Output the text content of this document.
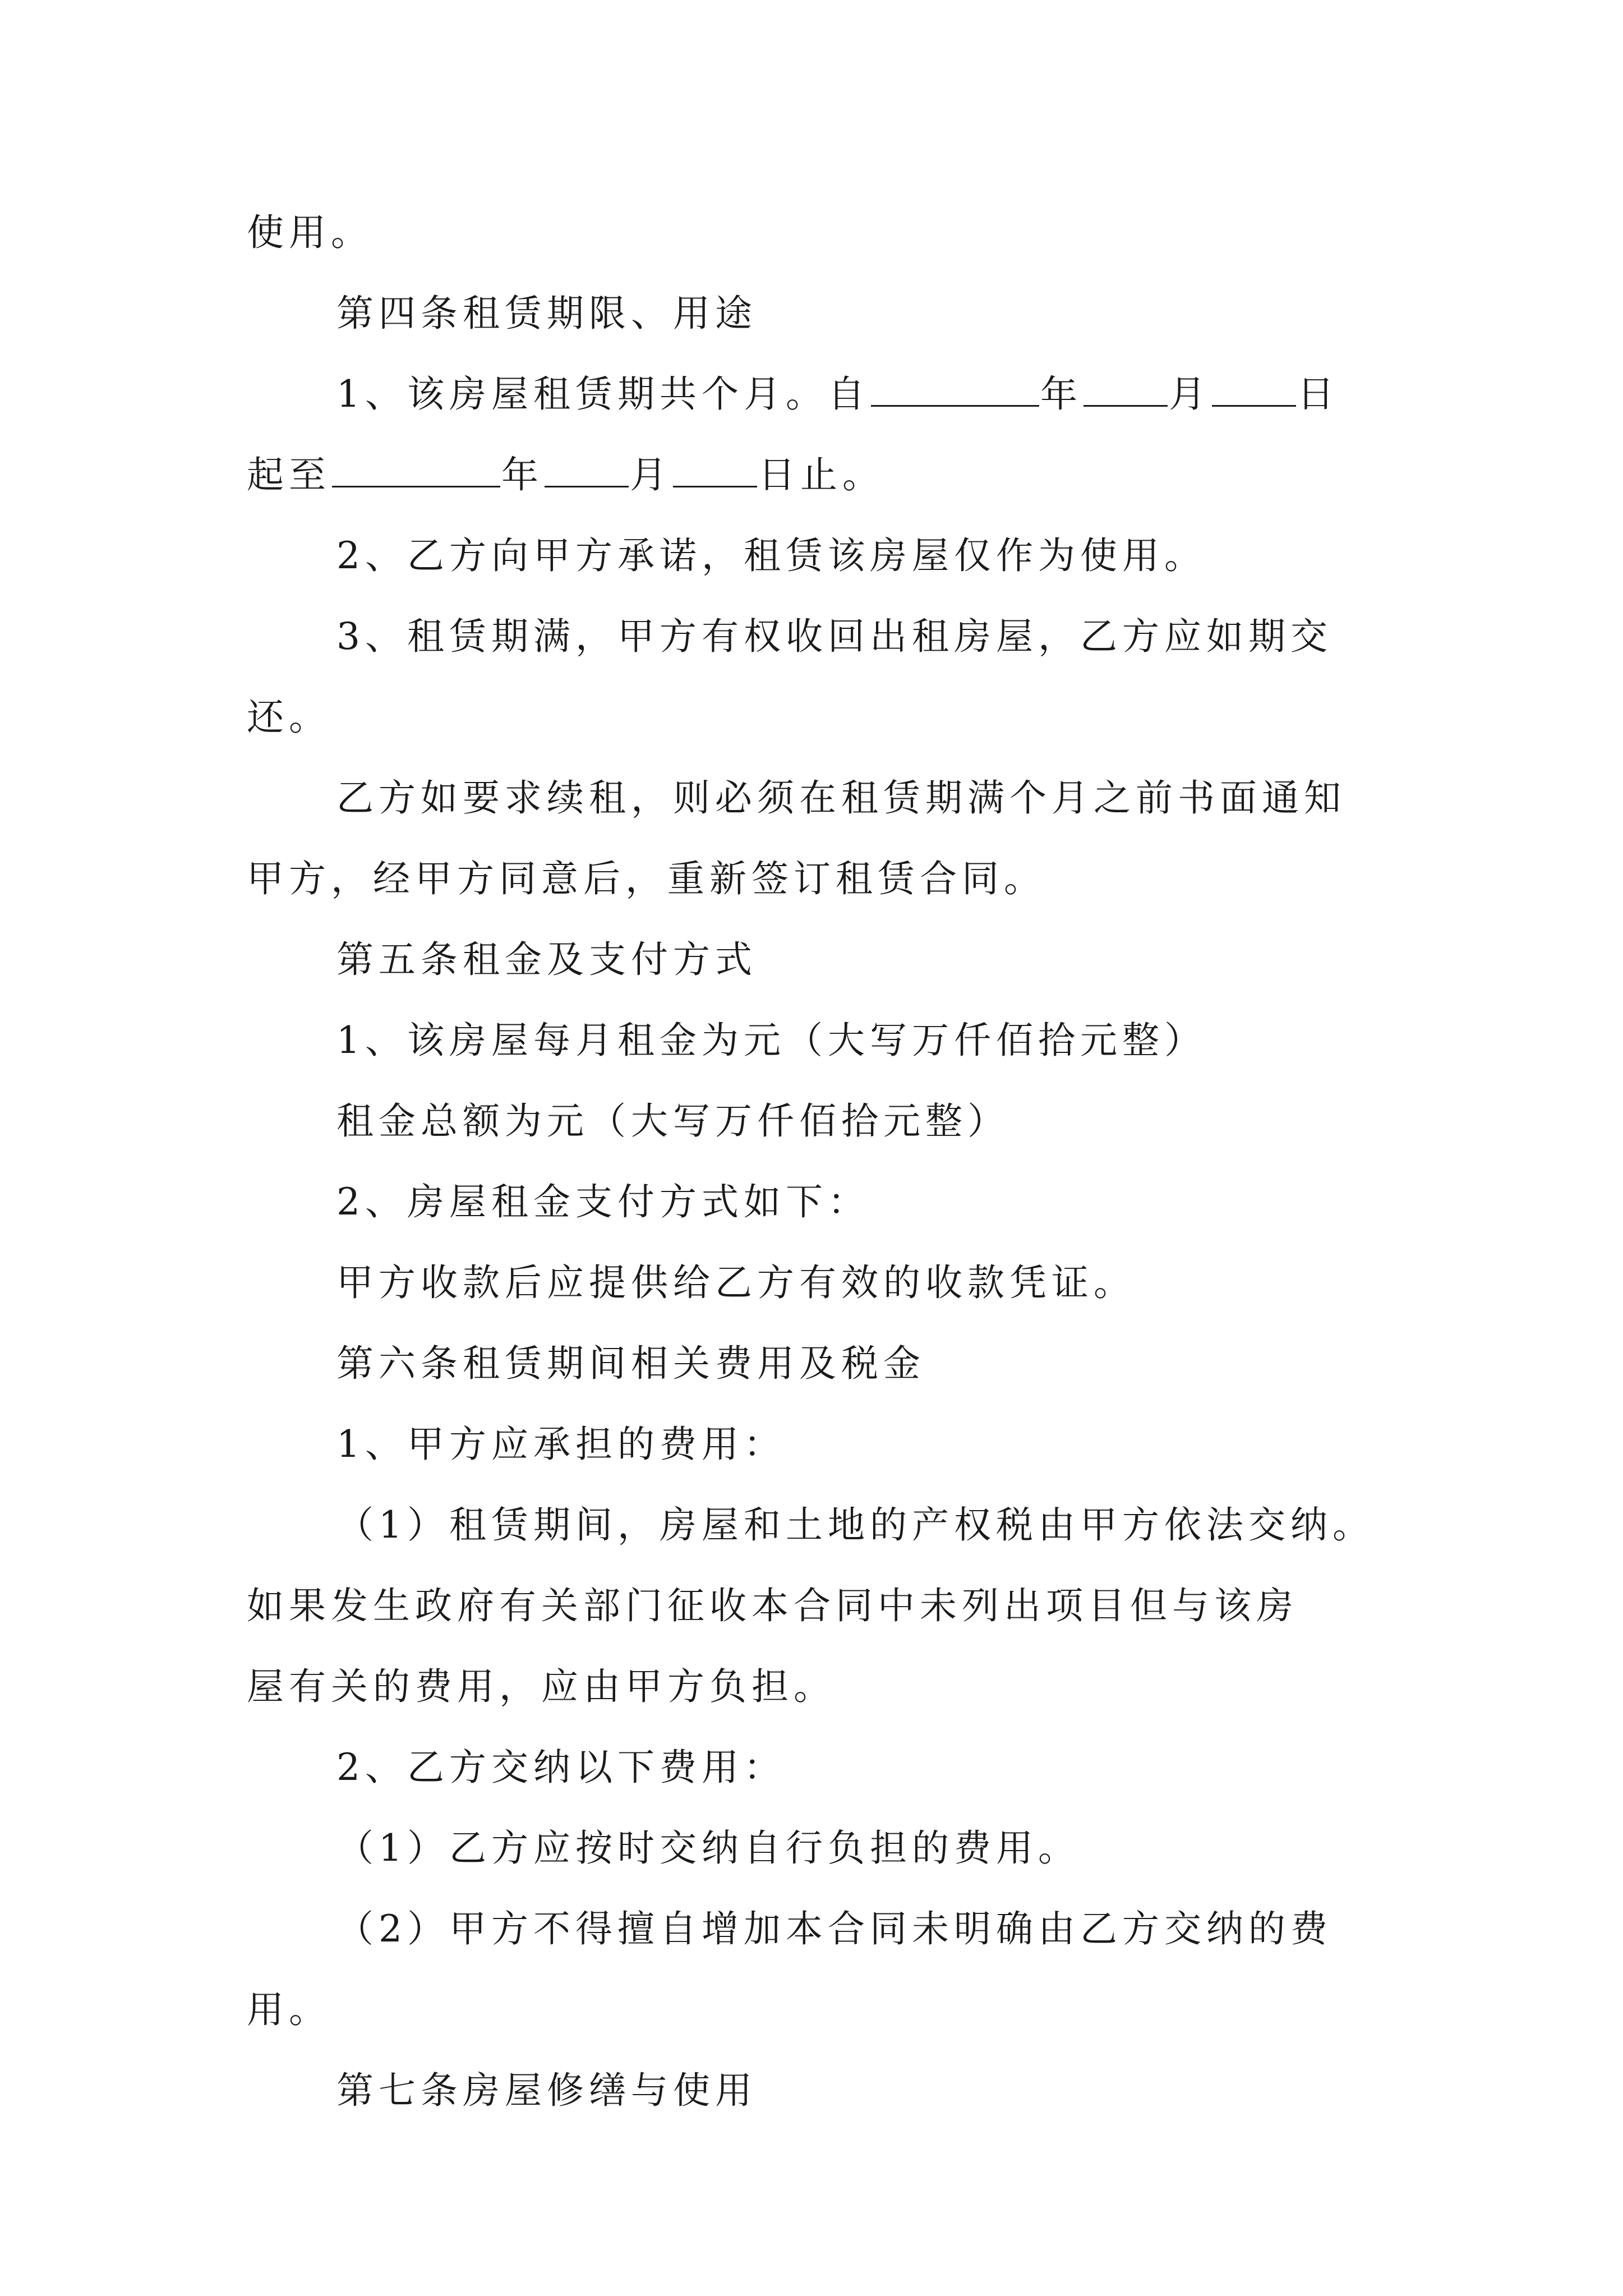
使用。
第四条租赁期限、用途
1、该房屋租赁期共个月。自	年 月 日
起至	年 月 日止。
2、乙方向甲方承诺，租赁该房屋仅作为使用。
3、租赁期满，甲方有权收回出租房屋，乙方应如期交
还。
乙方如要求续租，则必须在租赁期满个月之前书面通知
甲方，经甲方同意后，重新签订租赁合同。
第五条租金及支付方式
1、该房屋每月租金为元（大写万仟佰拾元整）
租金总额为元（大写万仟佰拾元整）
2、房屋租金支付方式如下：
甲方收款后应提供给乙方有效的收款凭证。
第六条租赁期间相关费用及税金
1、甲方应承担的费用：
（1）租赁期间，房屋和土地的产权税由甲方依法交纳。
如果发生政府有关部门征收本合同中未列出项目但与该房
屋有关的费用，应由甲方负担。
2、乙方交纳以下费用：
（1）乙方应按时交纳自行负担的费用。
（2）甲方不得擅自增加本合同未明确由乙方交纳的费
用。
第七条房屋修缮与使用
